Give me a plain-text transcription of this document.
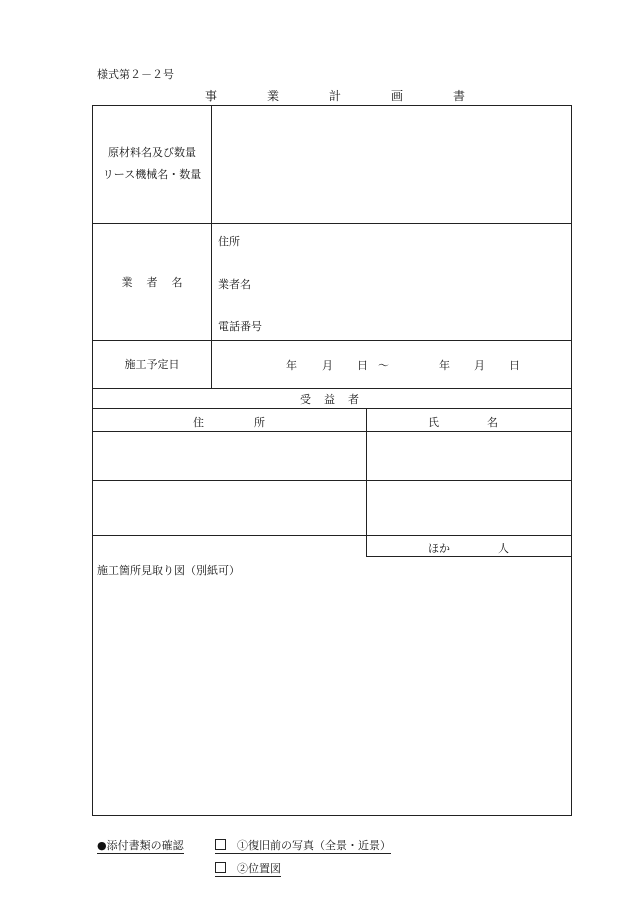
様式第２－２号
事	業	計	画	書
原材料名及び数量
リース機械名・数量
業 者 名
住所
業者名
電話番号
施工予定日	年 月 日 ～	年 月 日
受 益 者
住	所	氏	名
ほか	人
施工箇所見取り図（別紙可）
●添付書類の確認
 	①復旧前の写真（全景・近景）
 ②位置図
